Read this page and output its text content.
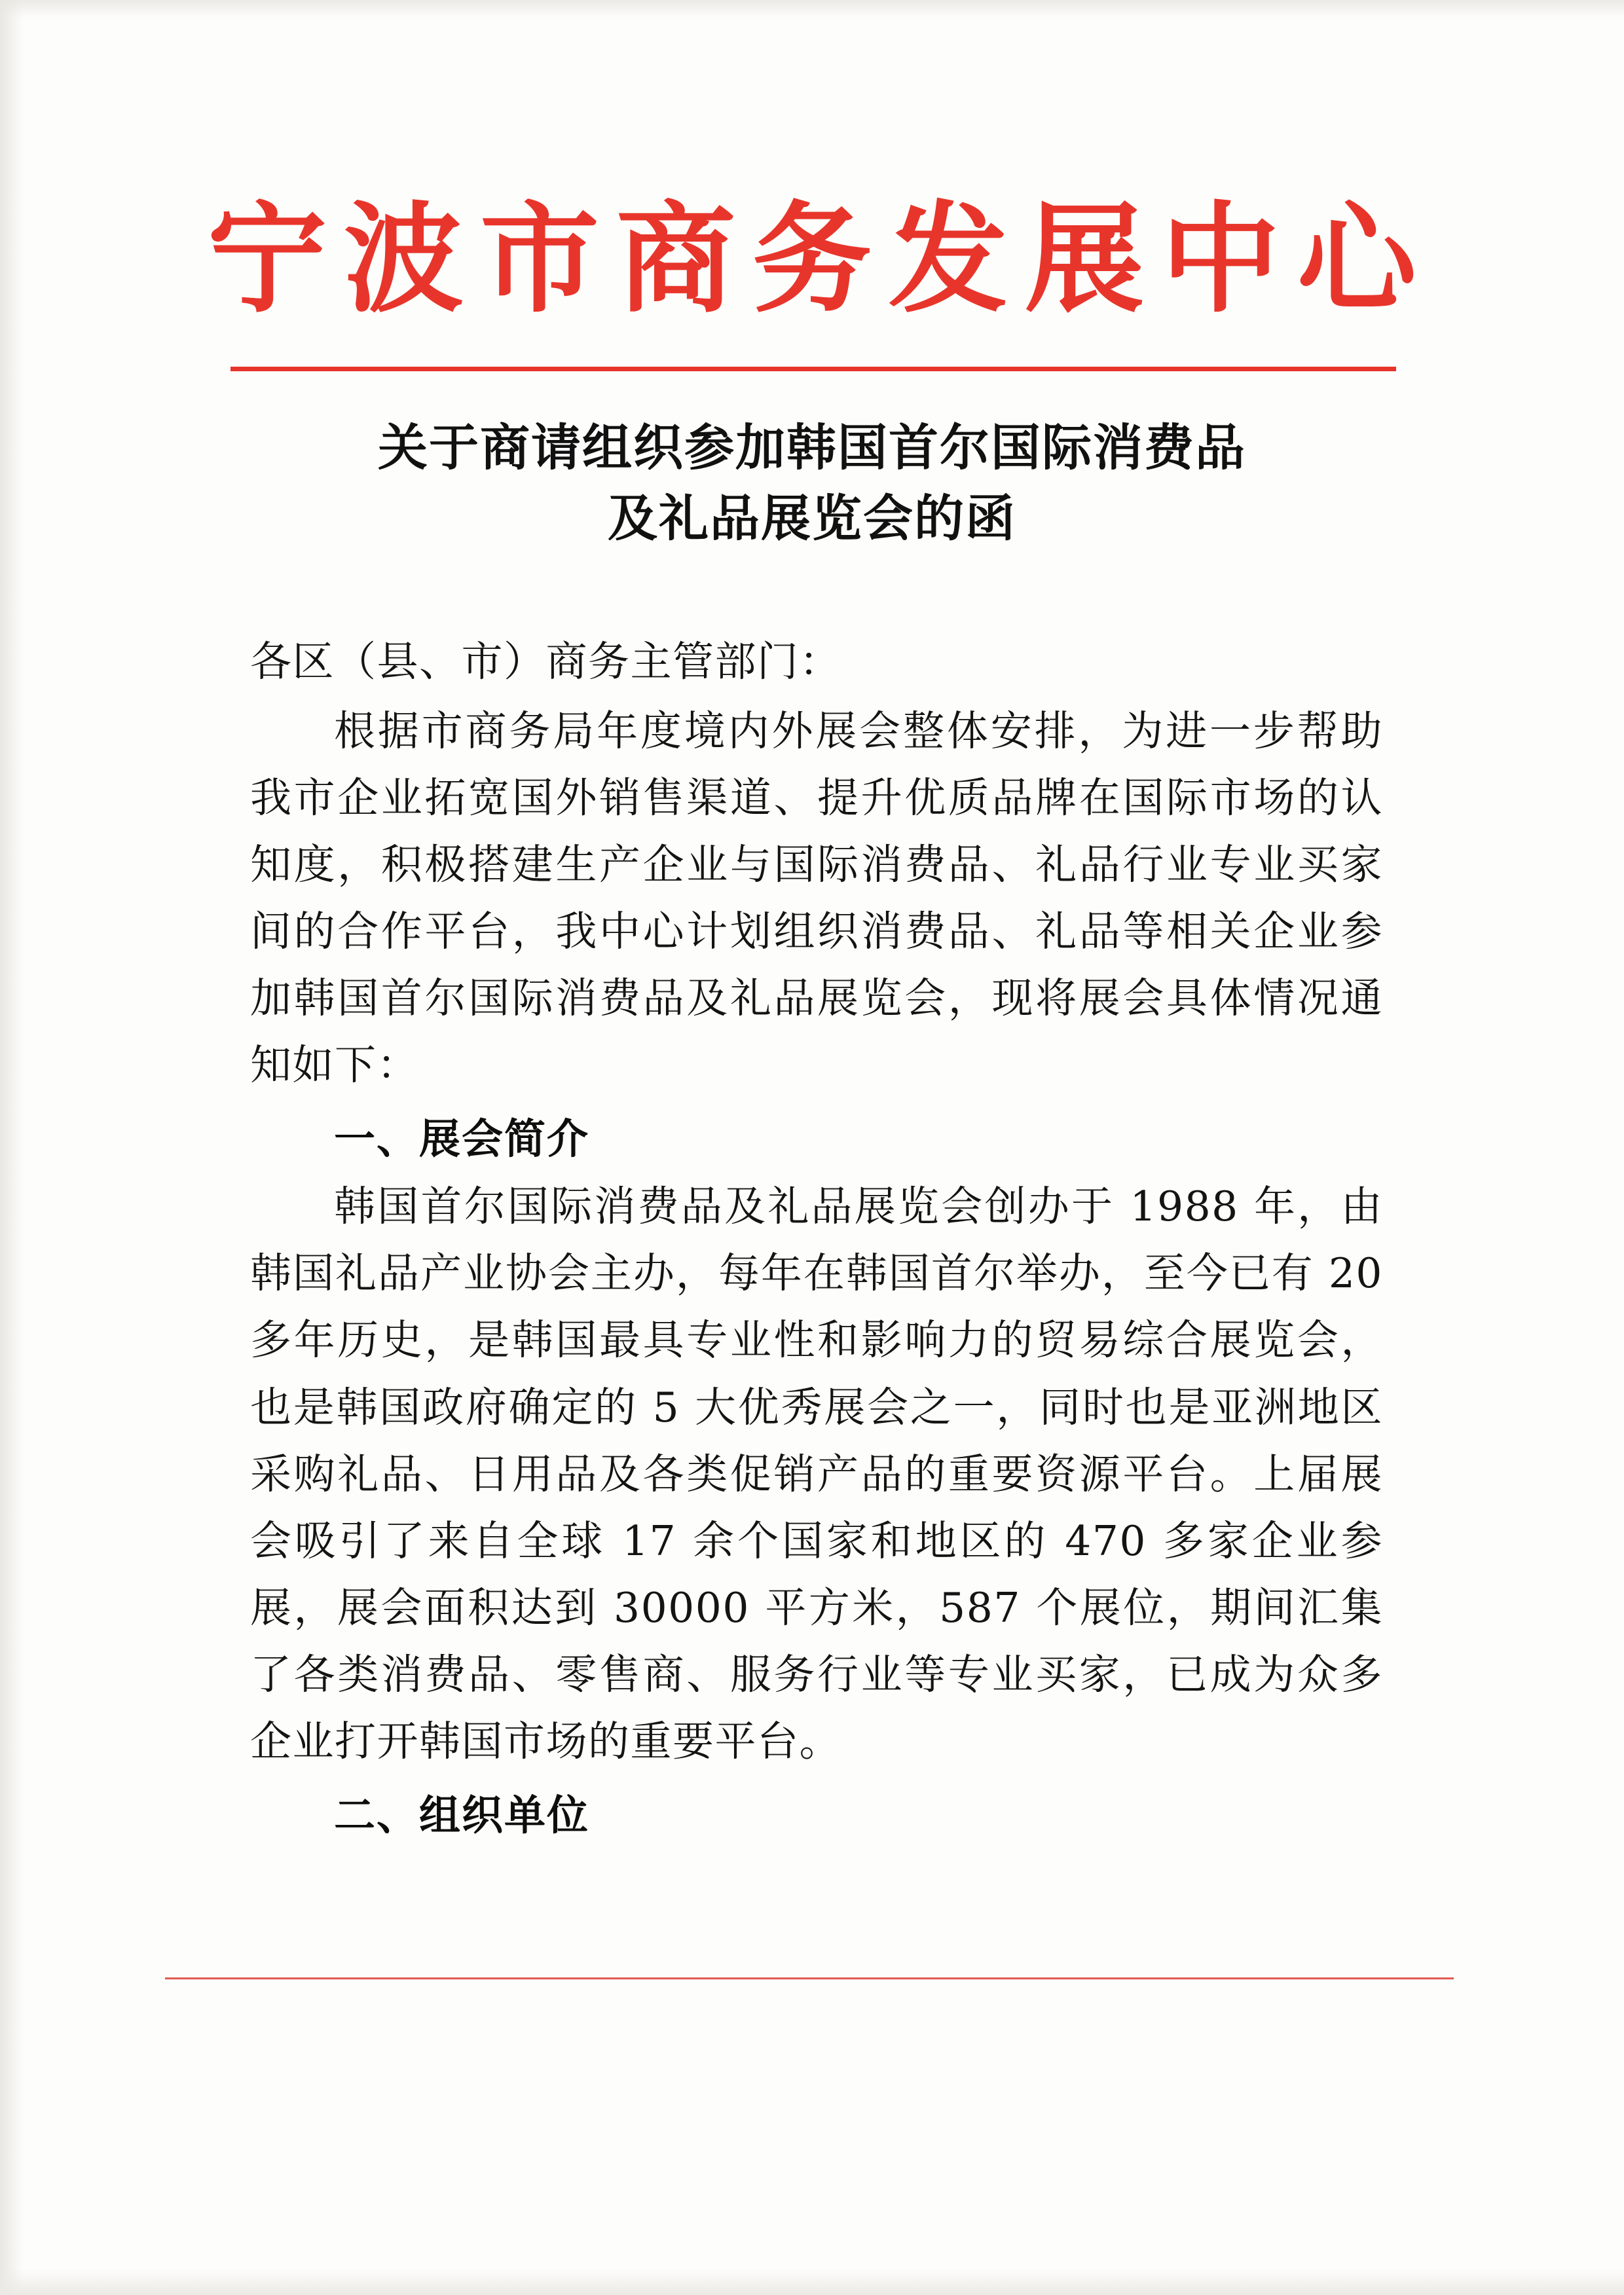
宁波市商务发展中心
关于商请组织参加韩国首尔国际消费品
及礼品展览会的函

各区（县、市）商务主管部门：

根据市商务局年度境内外展会整体安排，为进一步帮助我市企业拓宽国外销售渠道、提升优质品牌在国际市场的认知度，积极搭建生产企业与国际消费品、礼品行业专业买家间的合作平台，我中心计划组织消费品、礼品等相关企业参加韩国首尔国际消费品及礼品展览会，现将展会具体情况通知如下：

一、展会简介

韩国首尔国际消费品及礼品展览会创办于 1988 年，由韩国礼品产业协会主办，每年在韩国首尔举办，至今已有 20 多年历史，是韩国最具专业性和影响力的贸易综合展览会，也是韩国政府确定的 5 大优秀展会之一，同时也是亚洲地区采购礼品、日用品及各类促销产品的重要资源平台。上届展会吸引了来自全球 17 余个国家和地区的 470 多家企业参展，展会面积达到 30000 平方米，587 个展位，期间汇集了各类消费品、零售商、服务行业等专业买家，已成为众多企业打开韩国市场的重要平台。

二、组织单位
